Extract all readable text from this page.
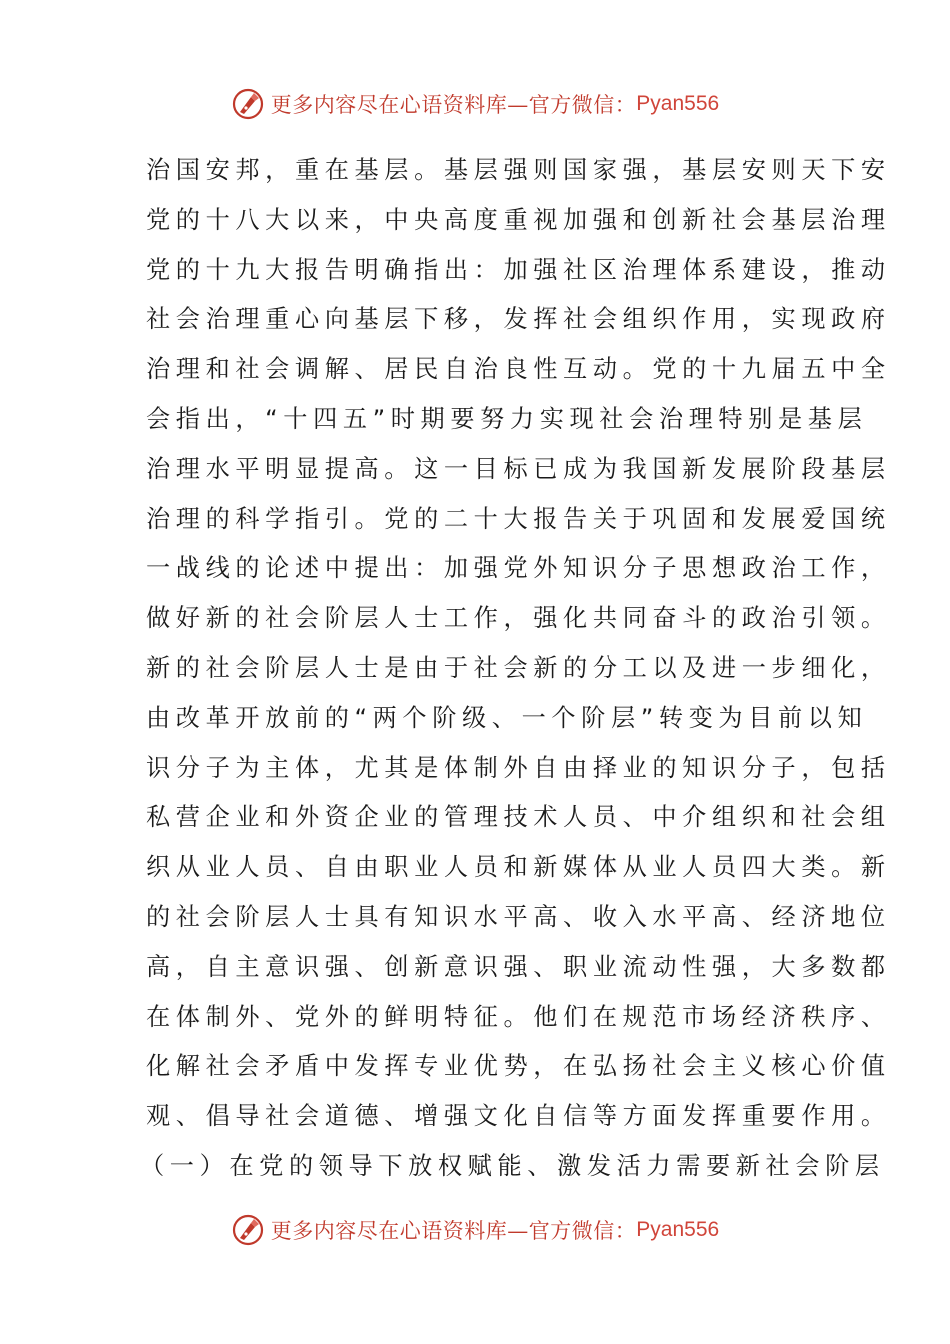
更多内容尽在心语资料库—官方微信： Pyan556
治国安邦，重在基层。基层强则国家强，基层安则天下安
党的十八大以来，中央高度重视加强和创新社会基层治理
党的十九大报告明确指出：加强社区治理体系建设，推动
社会治理重心向基层下移，发挥社会组织作用，实现政府
治理和社会调解、居民自治良性互动。党的十九届五中全
会指出，“十四五”时期要努力实现社会治理特别是基层
治理水平明显提高。这一目标已成为我国新发展阶段基层
治理的科学指引。党的二十大报告关于巩固和发展爱国统
一战线的论述中提出：加强党外知识分子思想政治工作，
做好新的社会阶层人士工作，强化共同奋斗的政治引领。
新的社会阶层人士是由于社会新的分工以及进一步细化，
由改革开放前的“两个阶级、一个阶层”转变为目前以知
识分子为主体，尤其是体制外自由择业的知识分子，包括
私营企业和外资企业的管理技术人员、中介组织和社会组
织从业人员、自由职业人员和新媒体从业人员四大类。新
的社会阶层人士具有知识水平高、收入水平高、经济地位
高，自主意识强、创新意识强、职业流动性强，大多数都
在体制外、党外的鲜明特征。他们在规范市场经济秩序、
化解社会矛盾中发挥专业优势，在弘扬社会主义核心价值
观、倡导社会道德、增强文化自信等方面发挥重要作用。
（一）在党的领导下放权赋能、激发活力需要新社会阶层
更多内容尽在心语资料库—官方微信： Pyan556
